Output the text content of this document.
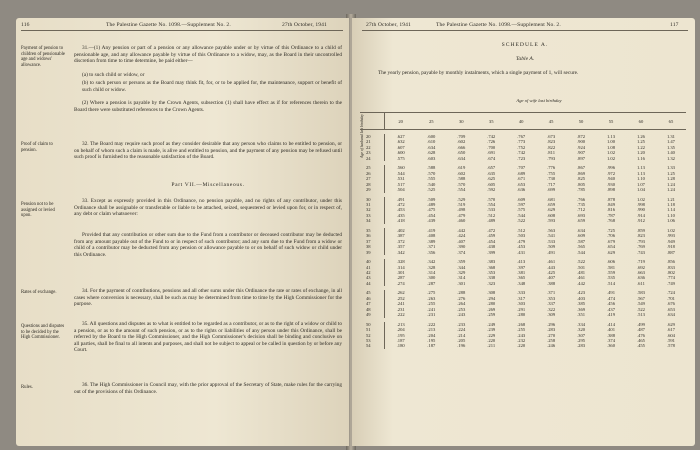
116	The Palestine Gazette No. 1098.—Supplement No. 2.	27th October, 1941
Payment of pension to children of pensionable age and widows' allowance.
31.—(1) Any pension or part of a pension or any allowance payable under or by virtue of this Ordinance to a child of pensionable age, and any allowance payable by virtue of this Ordinance to a widow, may, as the Board in their uncontrolled discretion from time to time determine, be paid either—
(a) to such child or widow, or
(b) to such person or persons as the Board may think fit, for, or to be applied for, the maintenance, support or benefit of such child or widow.
(2) Where a pension is payable by the Crown Agents, subsection (1) shall have effect as if for references therein to the Board there were substituted references to the Crown Agents.
Proof of claim to pension.
32. The Board may require such proof as they consider desirable that any person who claims to be entitled to pension, or on behalf of whom such a claim is made, is alive and entitled to pension, and the payment of any pension may be refused until such proof is furnished to the reasonable satisfaction of the Board.
Part VII.—Miscellaneous.
Pension not to be assigned or levied upon.
33. Except as expressly provided in this Ordinance, no pension payable, and no rights of any contributor, under this Ordinance shall be assignable or transferable or liable to be attached, seized, sequestered or levied upon for, or in respect of, any debt or claim whatsoever:
Provided that any contribution or other sum due to the Fund from a contributor or deceased contributor may be deducted from any amount payable out of the Fund to or in respect of such contributor; and any sum due to the Fund from a widow or child of a contributor may be deducted from any pension or allowance payable to or on behalf of such widow or child under this Ordinance.
Rates of exchange.	34. For the payment of contributions, pensions and all other sums under this Ordinance the rate or rates of exchange, in all cases where conversion is necessary, shall be such as may be determined from time to time by the High Commissioner for the purpose.
Questions and disputes to be decided by the High Commissioner.
35. All questions and disputes as to what is entitled to be regarded as a contributor, or as to the right of a widow or child to a pension, or as to the amount of such pension, or as to the rights or liabilities of any person under this Ordinance, shall be referred by the Board to the High Commissioner, and the High Commissioner's decision shall be binding and conclusive on all parties, shall be final to all intents and purposes, and shall not be subject to appeal or be called in question by or before any Court.
Rules.	36. The High Commissioner in Council may, with the prior approval of the Secretary of State, make rules for the carrying out of the provisions of this Ordinance.
27th October, 1941	The Palestine Gazette No. 1098.—Supplement No. 2.	117
SCHEDULE A.
Table A.
The yearly pension, payable by monthly instalments, which a single payment of 1, will secure.
Age of wife last birthday
Age of husband last birthday
		20	25	30	35	40	45	50	55	60	65

20	.627	.600	.709	.742	.767	.673	.872	1.13	1.26	1.31
21	.632	.610	.602	.726	.773	.823	.900	1.00	1.25	1.47
22	.607	.634	.666	.700	.752	.822	.924	1.08	1.22	1.35
23	.600	.628	.650	.691	.742	.811	.907	1.02	1.20	1.40
24	.575	.603	.634	.674	.723	.793	.897	1.02	1.16	1.32

25	.560	.588	.619	.657	.707	.776	.867	.996	1.13	1.33
26	.544	.570	.602	.635	.689	.755	.869	.972	1.13	1.25
27	.531	.555	.588	.625	.671	.730	.825	.940	1.10	1.28
28	.517	.540	.570	.605	.653	.717	.805	.930	1.07	1.24
29	.504	.525	.554	.592	.636	.699	.785	.898	1.04	1.24

30	.491	.509	.529	.570	.609	.681	.766	.878	1.02	1.21
31	.472	.489	.519	.554	.597	.659	.735	.849	.998	1.18
32	.453	.475	.498	.533	.575	.629	.712	.816	.990	1.14
33	.435	.454	.479	.512	.544	.608	.693	.787	.914	1.10
34	.418	.439	.460	.489	.522	.593	.659	.768	.912	1.06

35	.402	.419	.442	.472	.512	.563	.634	.725	.859	1.02
36	.387	.408	.424	.459	.503	.541	.609	.706	.823	.993
37	.372	.389	.407	.454	.479	.533	.587	.679	.793	.949
38	.357	.371	.390	.438	.453	.509	.565	.654	.769	.918
39	.342	.356	.374	.399	.431	.491	.544	.629	.743	.887

40	.328	.342	.359	.383	.413	.461	.522	.606	.719	.856
41	.314	.328	.344	.368	.397	.443	.501	.581	.692	.833
42	.301	.314	.329	.353	.381	.425	.481	.559	.663	.802
43	.287	.300	.314	.338	.365	.407	.461	.535	.636	.774
44	.274	.287	.301	.323	.348	.388	.442	.514	.611	.749

45	.262	.275	.288	.308	.333	.371	.423	.491	.583	.724
46	.252	.263	.276	.294	.317	.353	.403	.474	.567	.701
47	.241	.255	.264	.280	.303	.337	.385	.456	.549	.676
48	.231	.241	.253	.269	.291	.322	.369	.437	.522	.653
49	.222	.231	.243	.259	.280	.309	.351	.419	.513	.634

50	.213	.222	.233	.249	.268	.296	.334	.414	.499	.629
51	.204	.213	.224	.239	.255	.283	.320	.401	.487	.617
52	.195	.204	.214	.229	.243	.270	.307	.388	.476	.604
53	.187	.195	.205	.220	.232	.258	.295	.374	.465	.591
54	.180	.187	.196	.211	.220	.246	.283	.360	.455	.578
